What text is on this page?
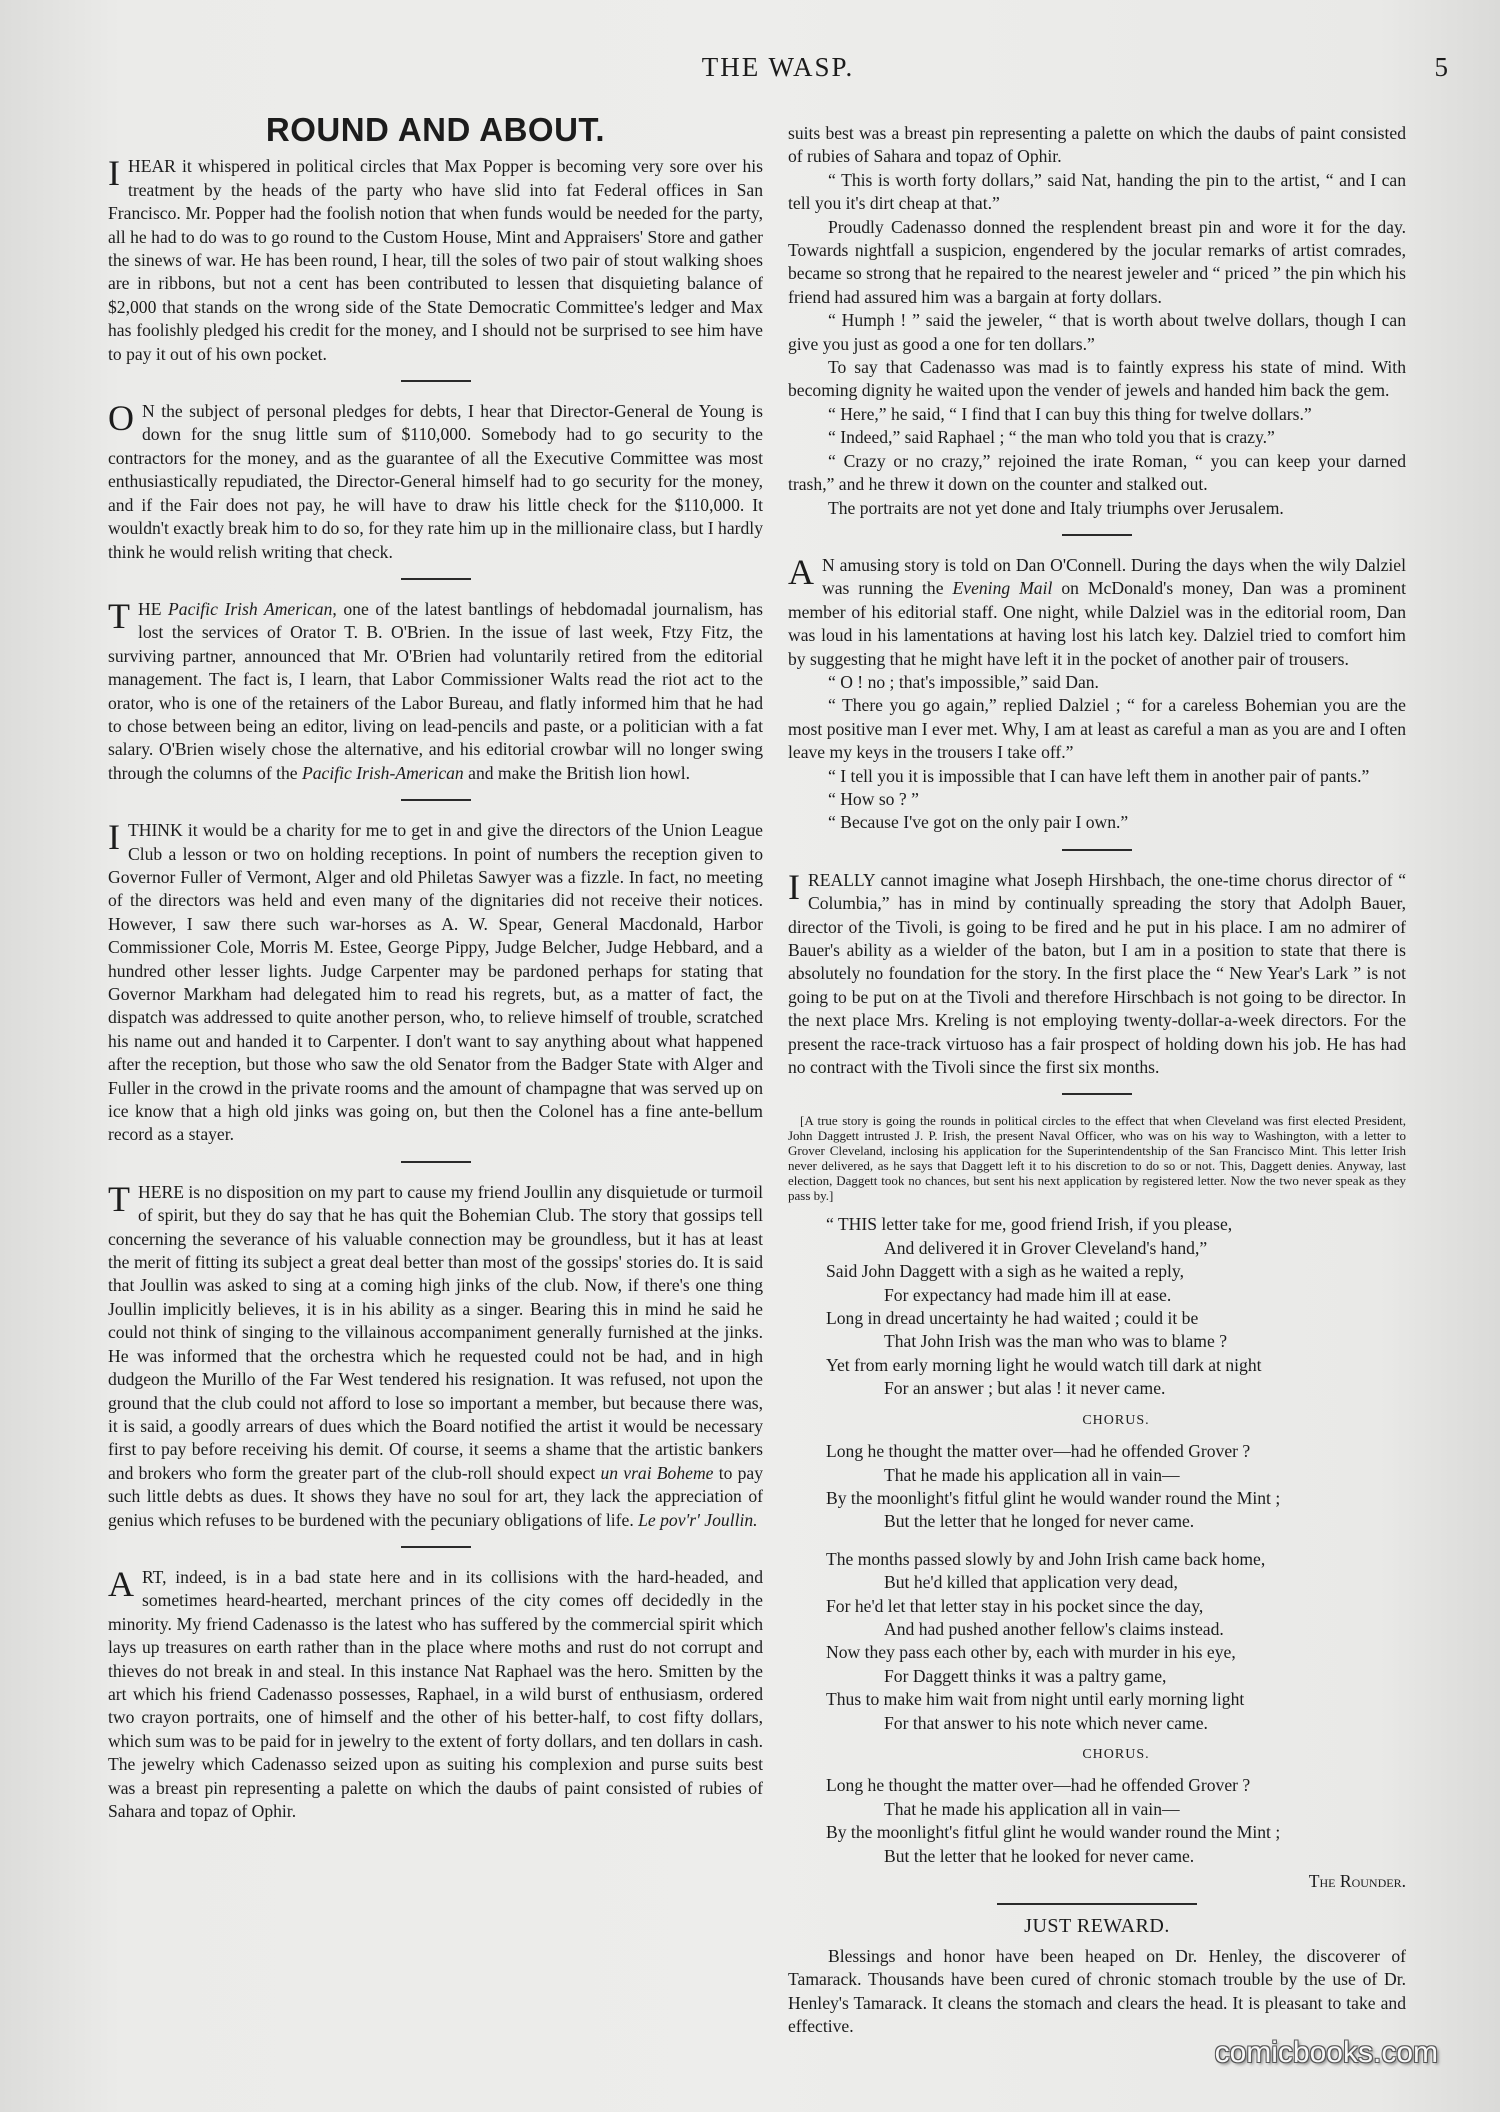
THE WASP.	5
ROUND AND ABOUT.

IHEAR it whispered in political circles that Max Popper is becoming very sore over his treatment by the heads of the party who have slid into fat Federal offices in San Francisco. Mr. Popper had the foolish notion that when funds would be needed for the party, all he had to do was to go round to the Custom House, Mint and Appraisers' Store and gather the sinews of war. He has been round, I hear, till the soles of two pair of stout walking shoes are in ribbons, but not a cent has been contributed to lessen that disquieting balance of $2,000 that stands on the wrong side of the State Democratic Committee's ledger and Max has foolishly pledged his credit for the money, and I should not be surprised to see him have to pay it out of his own pocket.

ON the subject of personal pledges for debts, I hear that Director-General de Young is down for the snug little sum of $110,000. Somebody had to go security to the contractors for the money, and as the guarantee of all the Executive Committee was most enthusiastically repudiated, the Director-General himself had to go security for the money, and if the Fair does not pay, he will have to draw his little check for the $110,000. It wouldn't exactly break him to do so, for they rate him up in the millionaire class, but I hardly think he would relish writing that check.

THE Pacific Irish American, one of the latest bantlings of hebdomadal journalism, has lost the services of Orator T. B. O'Brien. In the issue of last week, Ftzy Fitz, the surviving partner, announced that Mr. O'Brien had voluntarily retired from the editorial management. The fact is, I learn, that Labor Commissioner Walts read the riot act to the orator, who is one of the retainers of the Labor Bureau, and flatly informed him that he had to chose between being an editor, living on lead-pencils and paste, or a politician with a fat salary. O'Brien wisely chose the alternative, and his editorial crowbar will no longer swing through the columns of the Pacific Irish-American and make the British lion howl.

ITHINK it would be a charity for me to get in and give the directors of the Union League Club a lesson or two on holding receptions. In point of numbers the reception given to Governor Fuller of Vermont, Alger and old Philetas Sawyer was a fizzle. In fact, no meeting of the directors was held and even many of the dignitaries did not receive their notices. However, I saw there such war-horses as A. W. Spear, General Macdonald, Harbor Commissioner Cole, Morris M. Estee, George Pippy, Judge Belcher, Judge Hebbard, and a hundred other lesser lights. Judge Carpenter may be pardoned perhaps for stating that Governor Markham had delegated him to read his regrets, but, as a matter of fact, the dispatch was addressed to quite another person, who, to relieve himself of trouble, scratched his name out and handed it to Carpenter. I don't want to say anything about what happened after the reception, but those who saw the old Senator from the Badger State with Alger and Fuller in the crowd in the private rooms and the amount of champagne that was served up on ice know that a high old jinks was going on, but then the Colonel has a fine ante-bellum record as a stayer.

THERE is no disposition on my part to cause my friend Joullin any disquietude or turmoil of spirit, but they do say that he has quit the Bohemian Club. The story that gossips tell concerning the severance of his valuable connection may be groundless, but it has at least the merit of fitting its subject a great deal better than most of the gossips' stories do. It is said that Joullin was asked to sing at a coming high jinks of the club. Now, if there's one thing Joullin implicitly believes, it is in his ability as a singer. Bearing this in mind he said he could not think of singing to the villainous accompaniment generally furnished at the jinks. He was informed that the orchestra which he requested could not be had, and in high dudgeon the Murillo of the Far West tendered his resignation. It was refused, not upon the ground that the club could not afford to lose so important a member, but because there was, it is said, a goodly arrears of dues which the Board notified the artist it would be necessary first to pay before receiving his demit. Of course, it seems a shame that the artistic bankers and brokers who form the greater part of the club-roll should expect un vrai Boheme to pay such little debts as dues. It shows they have no soul for art, they lack the appreciation of genius which refuses to be burdened with the pecuniary obligations of life. Le pov'r' Joullin.

ART, indeed, is in a bad state here and in its collisions with the hard-headed, and sometimes heard-hearted, merchant princes of the city comes off decidedly in the minority. My friend Cadenasso is the latest who has suffered by the commercial spirit which lays up treasures on earth rather than in the place where moths and rust do not corrupt and thieves do not break in and steal. In this instance Nat Raphael was the hero. Smitten by the art which his friend Cadenasso possesses, Raphael, in a wild burst of enthusiasm, ordered two crayon portraits, one of himself and the other of his better-half, to cost fifty dollars, which sum was to be paid for in jewelry to the extent of forty dollars, and ten dollars in cash. The jewelry which Cadenasso seized upon as suiting his complexion and purse suits best was a breast pin representing a palette on which the daubs of paint consisted of rubies of Sahara and topaz of Ophir.

suits best was a breast pin representing a palette on which the daubs of paint consisted of rubies of Sahara and topaz of Ophir.

“ This is worth forty dollars,” said Nat, handing the pin to the artist, “ and I can tell you it's dirt cheap at that.”

Proudly Cadenasso donned the resplendent breast pin and wore it for the day. Towards nightfall a suspicion, engendered by the jocular remarks of artist comrades, became so strong that he repaired to the nearest jeweler and “ priced ” the pin which his friend had assured him was a bargain at forty dollars.

“ Humph ! ” said the jeweler, “ that is worth about twelve dollars, though I can give you just as good a one for ten dollars.”

To say that Cadenasso was mad is to faintly express his state of mind. With becoming dignity he waited upon the vender of jewels and handed him back the gem.

“ Here,” he said, “ I find that I can buy this thing for twelve dollars.”

“ Indeed,” said Raphael ; “ the man who told you that is crazy.”

“ Crazy or no crazy,” rejoined the irate Roman, “ you can keep your darned trash,” and he threw it down on the counter and stalked out.

The portraits are not yet done and Italy triumphs over Jerusalem.

AN amusing story is told on Dan O'Connell. During the days when the wily Dalziel was running the Evening Mail on McDonald's money, Dan was a prominent member of his editorial staff. One night, while Dalziel was in the editorial room, Dan was loud in his lamentations at having lost his latch key. Dalziel tried to comfort him by suggesting that he might have left it in the pocket of another pair of trousers.

“ O ! no ; that's impossible,” said Dan.

“ There you go again,” replied Dalziel ; “ for a careless Bohemian you are the most positive man I ever met. Why, I am at least as careful a man as you are and I often leave my keys in the trousers I take off.”

“ I tell you it is impossible that I can have left them in another pair of pants.”

“ How so ? ”

“ Because I've got on the only pair I own.”

IREALLY cannot imagine what Joseph Hirshbach, the one-time chorus director of “ Columbia,” has in mind by continually spreading the story that Adolph Bauer, director of the Tivoli, is going to be fired and he put in his place. I am no admirer of Bauer's ability as a wielder of the baton, but I am in a position to state that there is absolutely no foundation for the story. In the first place the “ New Year's Lark ” is not going to be put on at the Tivoli and therefore Hirschbach is not going to be director. In the next place Mrs. Kreling is not employing twenty-dollar-a-week directors. For the present the race-track virtuoso has a fair prospect of holding down his job. He has had no contract with the Tivoli since the first six months.

[A true story is going the rounds in political circles to the effect that when Cleveland was first elected President, John Daggett intrusted J. P. Irish, the present Naval Officer, who was on his way to Washington, with a letter to Grover Cleveland, inclosing his application for the Superintendentship of the San Francisco Mint. This letter Irish never delivered, as he says that Daggett left it to his discretion to do so or not. This, Daggett denies. Anyway, last election, Daggett took no chances, but sent his next application by registered letter. Now the two never speak as they pass by.]

“ THIS letter take for me, good friend Irish, if you please,
And delivered it in Grover Cleveland's hand,”
Said John Daggett with a sigh as he waited a reply,
For expectancy had made him ill at ease.
Long in dread uncertainty he had waited ; could it be
That John Irish was the man who was to blame ?
Yet from early morning light he would watch till dark at night
For an answer ; but alas ! it never came.
CHORUS.
Long he thought the matter over—had he offended Grover ?
That he made his application all in vain—
By the moonlight's fitful glint he would wander round the Mint ;
But the letter that he longed for never came.
The months passed slowly by and John Irish came back home,
But he'd killed that application very dead,
For he'd let that letter stay in his pocket since the day,
And had pushed another fellow's claims instead.
Now they pass each other by, each with murder in his eye,
For Daggett thinks it was a paltry game,
Thus to make him wait from night until early morning light
For that answer to his note which never came.
CHORUS.
Long he thought the matter over—had he offended Grover ?
That he made his application all in vain—
By the moonlight's fitful glint he would wander round the Mint ;
But the letter that he looked for never came.
The Rounder.
JUST REWARD.

Blessings and honor have been heaped on Dr. Henley, the discoverer of Tamarack. Thousands have been cured of chronic stomach trouble by the use of Dr. Henley's Tamarack. It cleans the stomach and clears the head. It is pleasant to take and effective.

comicbooks.com
